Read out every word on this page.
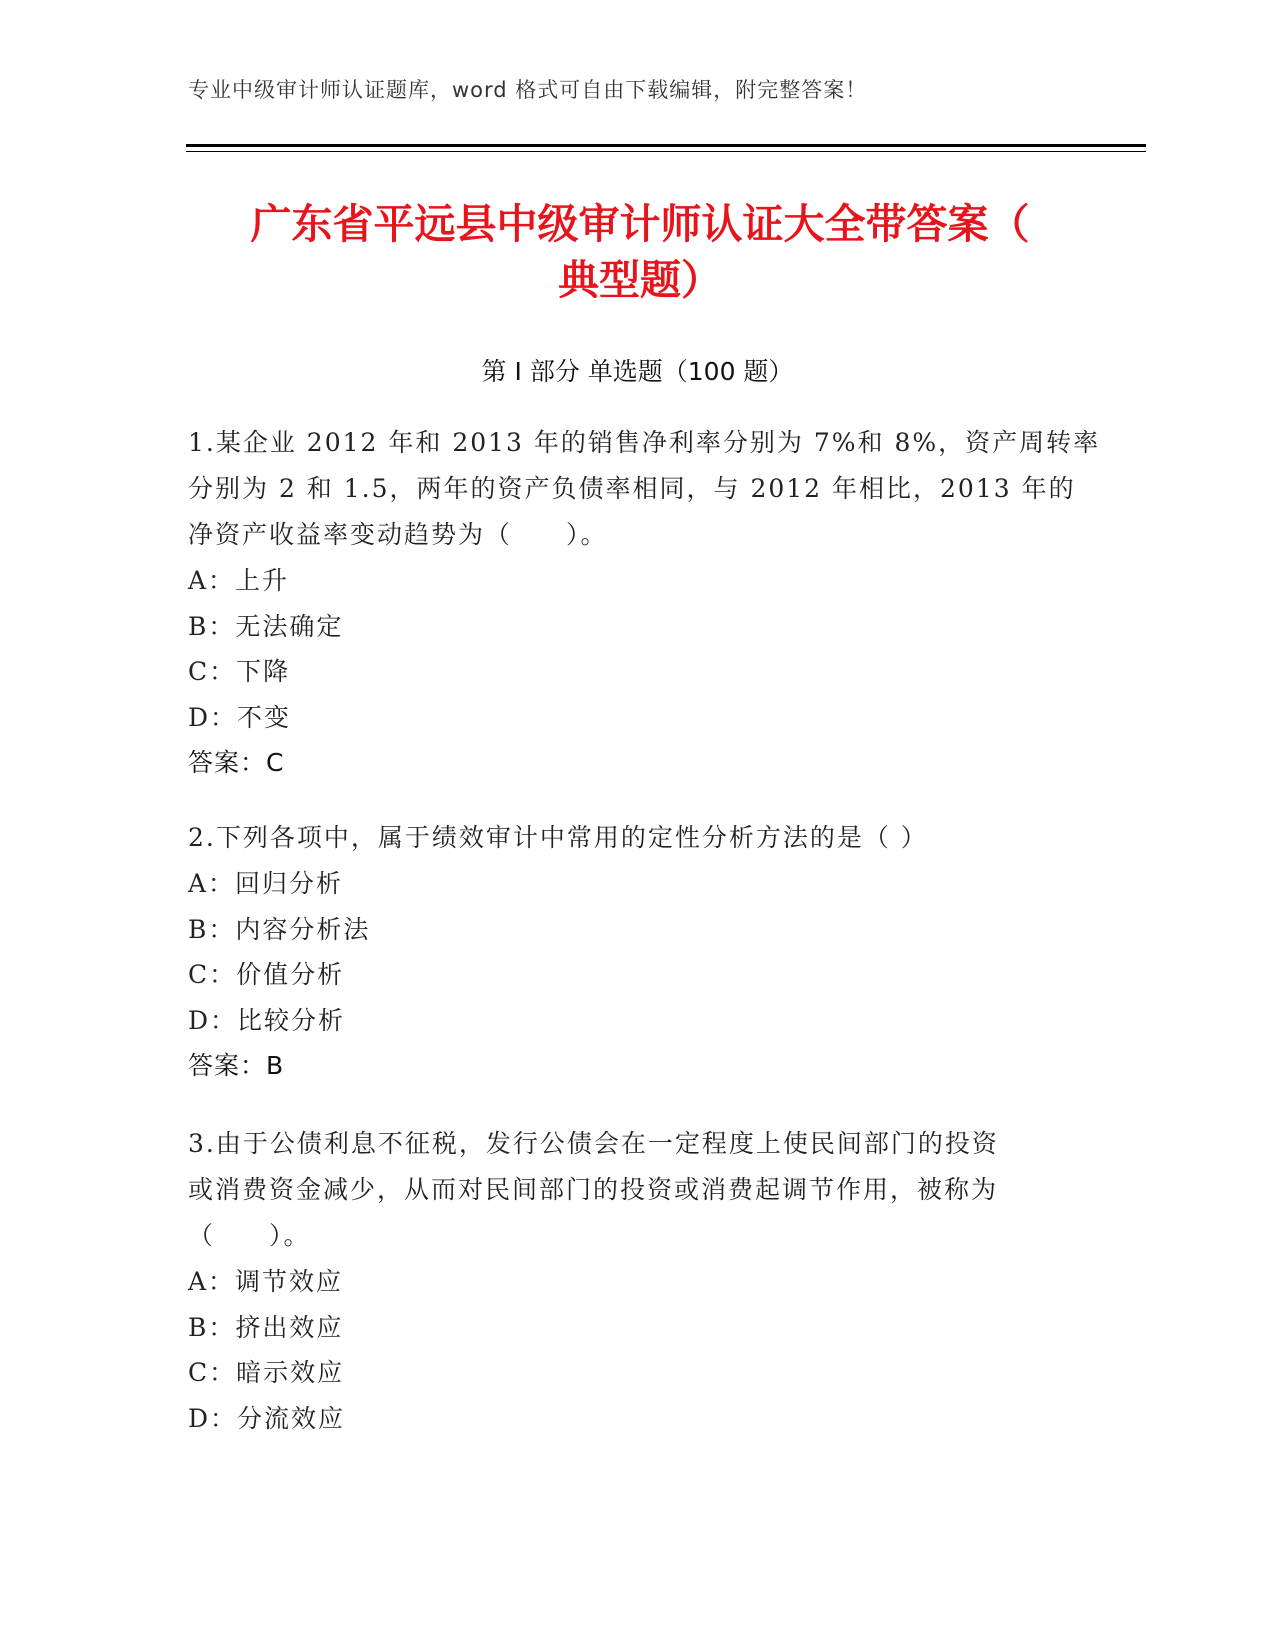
专业中级审计师认证题库，word 格式可自由下载编辑，附完整答案！
广东省平远县中级审计师认证大全带答案（
典型题）
第 I 部分 单选题（100 题）
1.某企业 2012 年和 2013 年的销售净利率分别为 7%和 8%，资产周转率
分别为 2 和 1.5，两年的资产负债率相同，与 2012 年相比，2013 年的
净资产收益率变动趋势为（　　）。
A：上升
B：无法确定
C：下降
D：不变
答案：C
2.下列各项中，属于绩效审计中常用的定性分析方法的是（ ）
A：回归分析
B：内容分析法
C：价值分析
D：比较分析
答案：B
3.由于公债利息不征税，发行公债会在一定程度上使民间部门的投资
或消费资金减少，从而对民间部门的投资或消费起调节作用，被称为
（　　）。
A：调节效应
B：挤出效应
C：暗示效应
D：分流效应
